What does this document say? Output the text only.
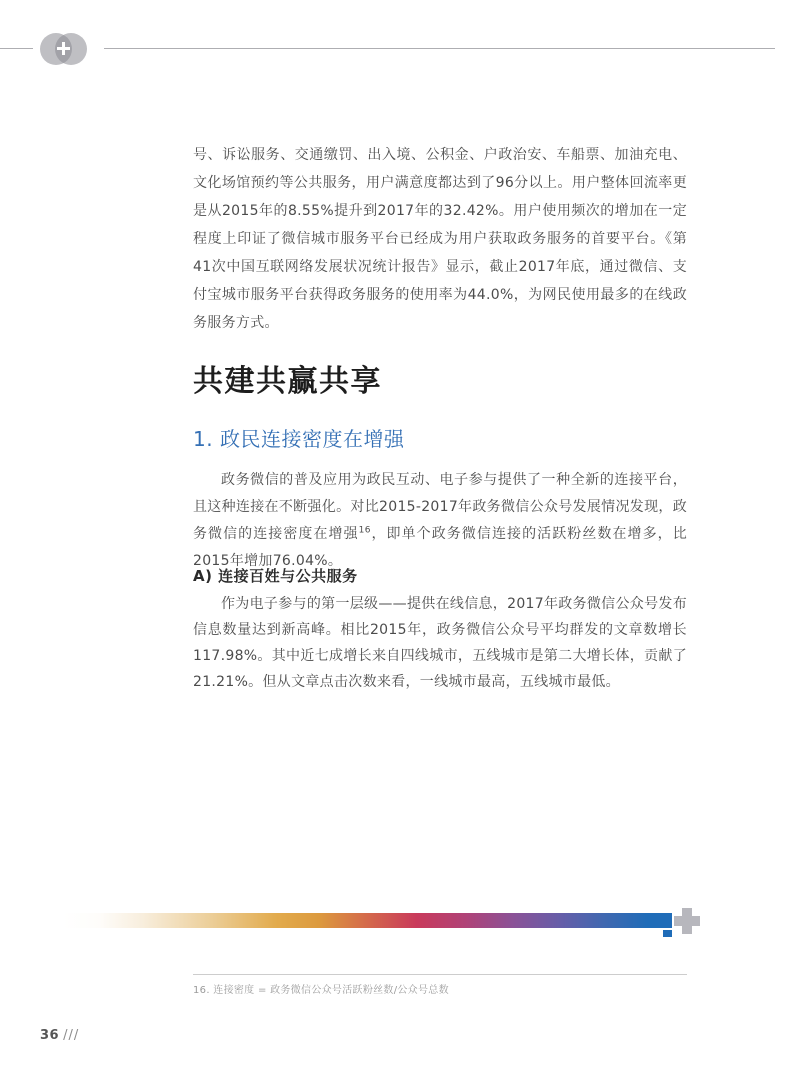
号、诉讼服务、交通缴罚、出入境、公积金、户政治安、车船票、加油充电、文化场馆预约等公共服务，用户满意度都达到了96分以上。用户整体回流率更是从2015年的8.55%提升到2017年的32.42%。用户使用频次的增加在一定程度上印证了微信城市服务平台已经成为用户获取政务服务的首要平台。《第41次中国互联网络发展状况统计报告》显示，截止2017年底，通过微信、支付宝城市服务平台获得政务服务的使用率为44.0%，为网民使用最多的在线政务服务方式。
共建共赢共享
1. 政民连接密度在增强
政务微信的普及应用为政民互动、电子参与提供了一种全新的连接平台，且这种连接在不断强化。对比2015-2017年政务微信公众号发展情况发现，政务微信的连接密度在增强$^{16}$，即单个政务微信连接的活跃粉丝数在增多，比2015年增加76.04%。
A) 连接百姓与公共服务
作为电子参与的第一层级——提供在线信息，2017年政务微信公众号发布信息数量达到新高峰。相比2015年，政务微信公众号平均群发的文章数增长117.98%。其中近七成增长来自四线城市，五线城市是第二大增长体，贡献了21.21%。但从文章点击次数来看，一线城市最高，五线城市最低。
16. 连接密度 = 政务微信公众号活跃粉丝数/公众号总数
36 ///
